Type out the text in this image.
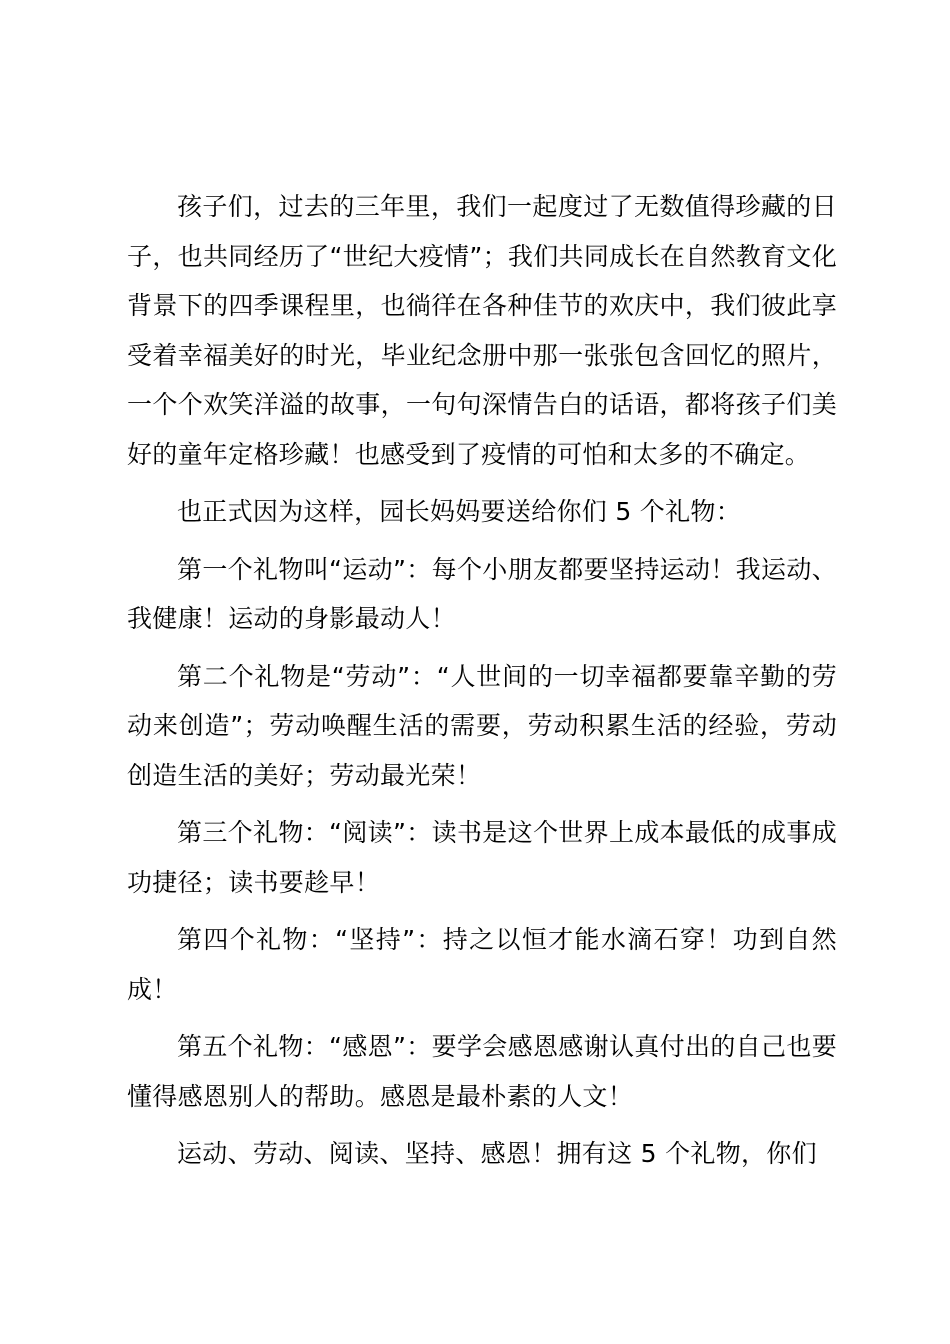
孩子们，过去的三年里，我们一起度过了无数值得珍藏的日子，也共同经历了“世纪大疫情”；我们共同成长在自然教育文化背景下的四季课程里，也徜徉在各种佳节的欢庆中，我们彼此享受着幸福美好的时光，毕业纪念册中那一张张包含回忆的照片，一个个欢笑洋溢的故事，一句句深情告白的话语，都将孩子们美好的童年定格珍藏！也感受到了疫情的可怕和太多的不确定。

也正式因为这样，园长妈妈要送给你们 5 个礼物：

第一个礼物叫“运动”：每个小朋友都要坚持运动！我运动、我健康！运动的身影最动人！

第二个礼物是“劳动”：“人世间的一切幸福都要靠辛勤的劳动来创造”；劳动唤醒生活的需要，劳动积累生活的经验，劳动创造生活的美好；劳动最光荣！

第三个礼物：“阅读”：读书是这个世界上成本最低的成事成功捷径；读书要趁早！

第四个礼物：“坚持”：持之以恒才能水滴石穿！功到自然成！

第五个礼物：“感恩”：要学会感恩感谢认真付出的自己也要懂得感恩别人的帮助。感恩是最朴素的人文！

运动、劳动、阅读、坚持、感恩！拥有这 5 个礼物，你们
